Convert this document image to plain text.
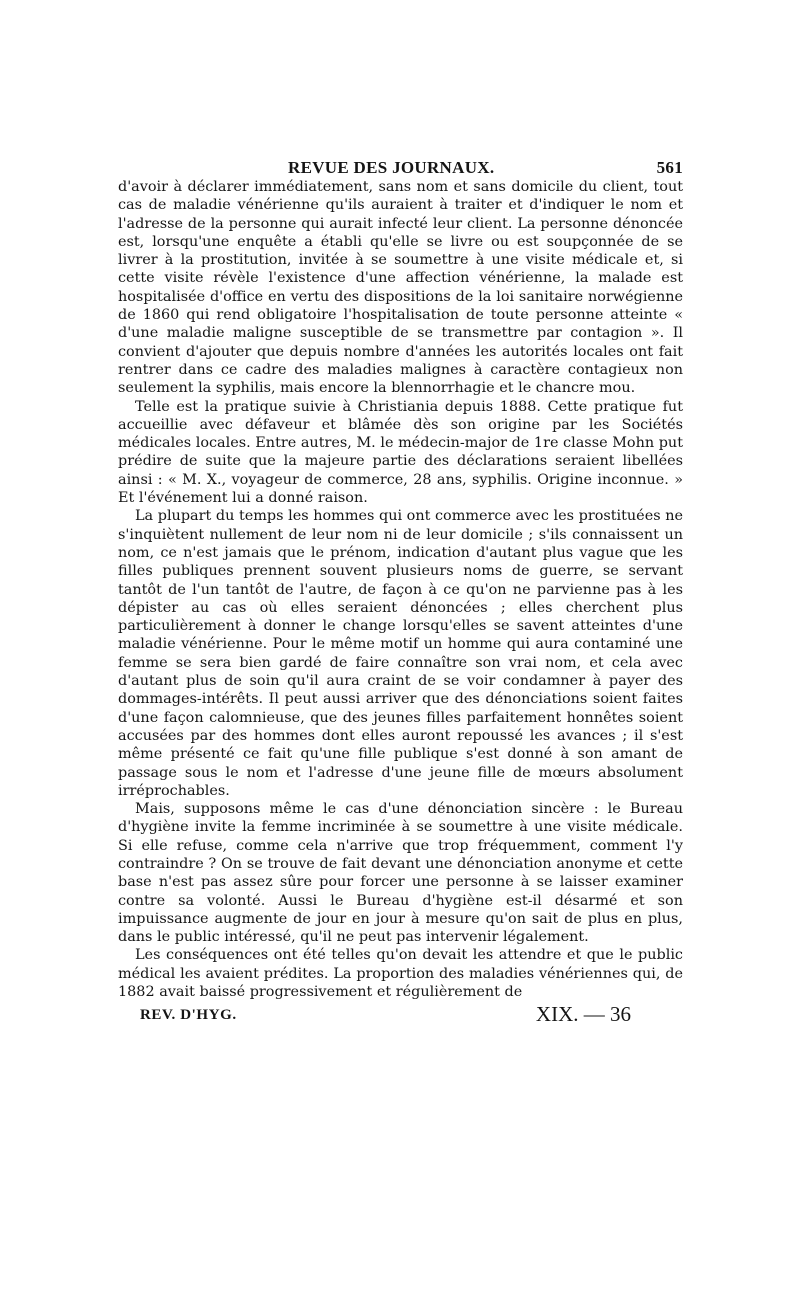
REVUE DES JOURNAUX.	561

d'avoir à déclarer immédiatement, sans nom et sans domicile du client, tout cas de maladie vénérienne qu'ils auraient à traiter et d'indiquer le nom et l'adresse de la personne qui aurait infecté leur client. La personne dénoncée est, lorsqu'une enquête a établi qu'elle se livre ou est soupçonnée de se livrer à la prostitution, invitée à se soumettre à une visite médicale et, si cette visite révèle l'existence d'une affection vénérienne, la malade est hospitalisée d'office en vertu des dispositions de la loi sanitaire norwégienne de 1860 qui rend obligatoire l'hospitalisation de toute personne atteinte « d'une maladie maligne susceptible de se transmettre par contagion ». Il convient d'ajouter que depuis nombre d'années les autorités locales ont fait rentrer dans ce cadre des maladies malignes à caractère contagieux non seulement la syphilis, mais encore la blennorrhagie et le chancre mou.

Telle est la pratique suivie à Christiania depuis 1888. Cette pratique fut accueillie avec défaveur et blâmée dès son origine par les Sociétés médicales locales. Entre autres, M. le médecin-major de 1re classe Mohn put prédire de suite que la majeure partie des déclarations seraient libellées ainsi : « M. X., voyageur de commerce, 28 ans, syphilis. Origine inconnue. » Et l'événement lui a donné raison.

La plupart du temps les hommes qui ont commerce avec les prostituées ne s'inquiètent nullement de leur nom ni de leur domicile ; s'ils connaissent un nom, ce n'est jamais que le prénom, indication d'autant plus vague que les filles publiques prennent souvent plusieurs noms de guerre, se servant tantôt de l'un tantôt de l'autre, de façon à ce qu'on ne parvienne pas à les dépister au cas où elles seraient dénoncées ; elles cherchent plus particulièrement à donner le change lorsqu'elles se savent atteintes d'une maladie vénérienne. Pour le même motif un homme qui aura contaminé une femme se sera bien gardé de faire connaître son vrai nom, et cela avec d'autant plus de soin qu'il aura craint de se voir condamner à payer des dommages-intérêts. Il peut aussi arriver que des dénonciations soient faites d'une façon calomnieuse, que des jeunes filles parfaitement honnêtes soient accusées par des hommes dont elles auront repoussé les avances ; il s'est même présenté ce fait qu'une fille publique s'est donné à son amant de passage sous le nom et l'adresse d'une jeune fille de mœurs absolument irréprochables.

Mais, supposons même le cas d'une dénonciation sincère : le Bureau d'hygiène invite la femme incriminée à se soumettre à une visite médicale. Si elle refuse, comme cela n'arrive que trop fréquemment, comment l'y contraindre ? On se trouve de fait devant une dénonciation anonyme et cette base n'est pas assez sûre pour forcer une personne à se laisser examiner contre sa volonté. Aussi le Bureau d'hygiène est-il désarmé et son impuissance augmente de jour en jour à mesure qu'on sait de plus en plus, dans le public intéressé, qu'il ne peut pas intervenir légalement.

Les conséquences ont été telles qu'on devait les attendre et que le public médical les avaient prédites. La proportion des maladies vénériennes qui, de 1882 avait baissé progressivement et régulièrement de

REV. D'HYG.	XIX. — 36
